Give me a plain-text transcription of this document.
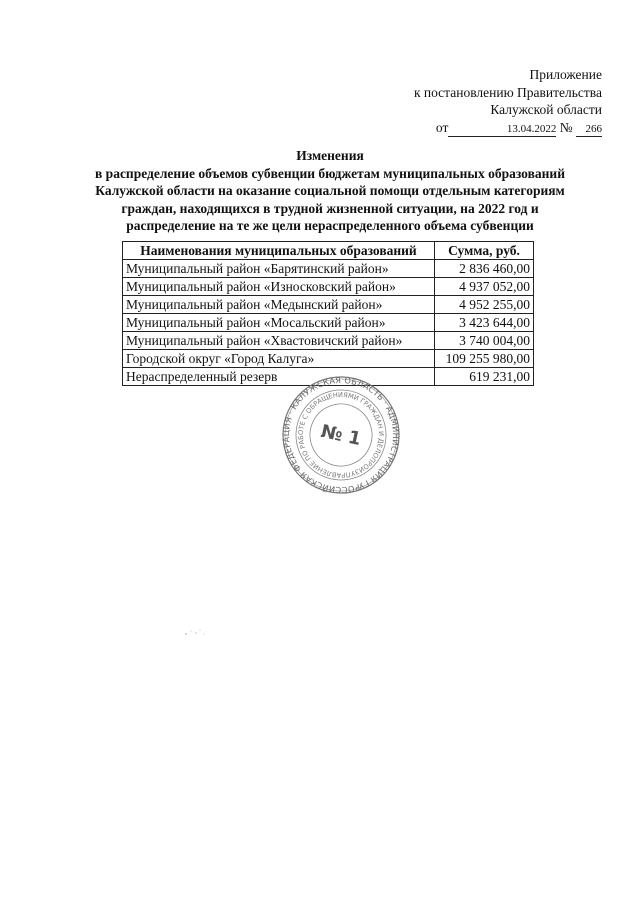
Приложение
к постановлению Правительства
Калужской области
от	13.04.2022 № 266
Изменения
в распределение объемов субвенции бюджетам муниципальных образований
Калужской области на оказание социальной помощи отдельным категориям
граждан, находящихся в трудной жизненной ситуации, на 2022 год и
распределение на те же цели нераспределенного объема субвенции
Наименования муниципальных образований	Сумма, руб.
Муниципальный район «Барятинский район»	2 836 460,00
Муниципальный район «Износковский район»	4 937 052,00
Муниципальный район «Медынский район»	4 952 255,00
Муниципальный район «Мосальский район»	3 423 644,00
Муниципальный район «Хвастовичский район»	3 740 004,00
Городской округ «Город Калуга»	109 255 980,00
Нераспределенный резерв	619 231,00
РОССИЙСКАЯ ФЕДЕРАЦИЯ · КАЛУЖСКАЯ ОБЛАСТЬ · АДМИНИСТРАЦИЯ ГУБЕРНАТОРА
УПРАВЛЕНИЕ ПО РАБОТЕ С ОБРАЩЕНИЯМИ ГРАЖДАН И ДЕЛОПРОИЗВОДСТВУ
№ 1
